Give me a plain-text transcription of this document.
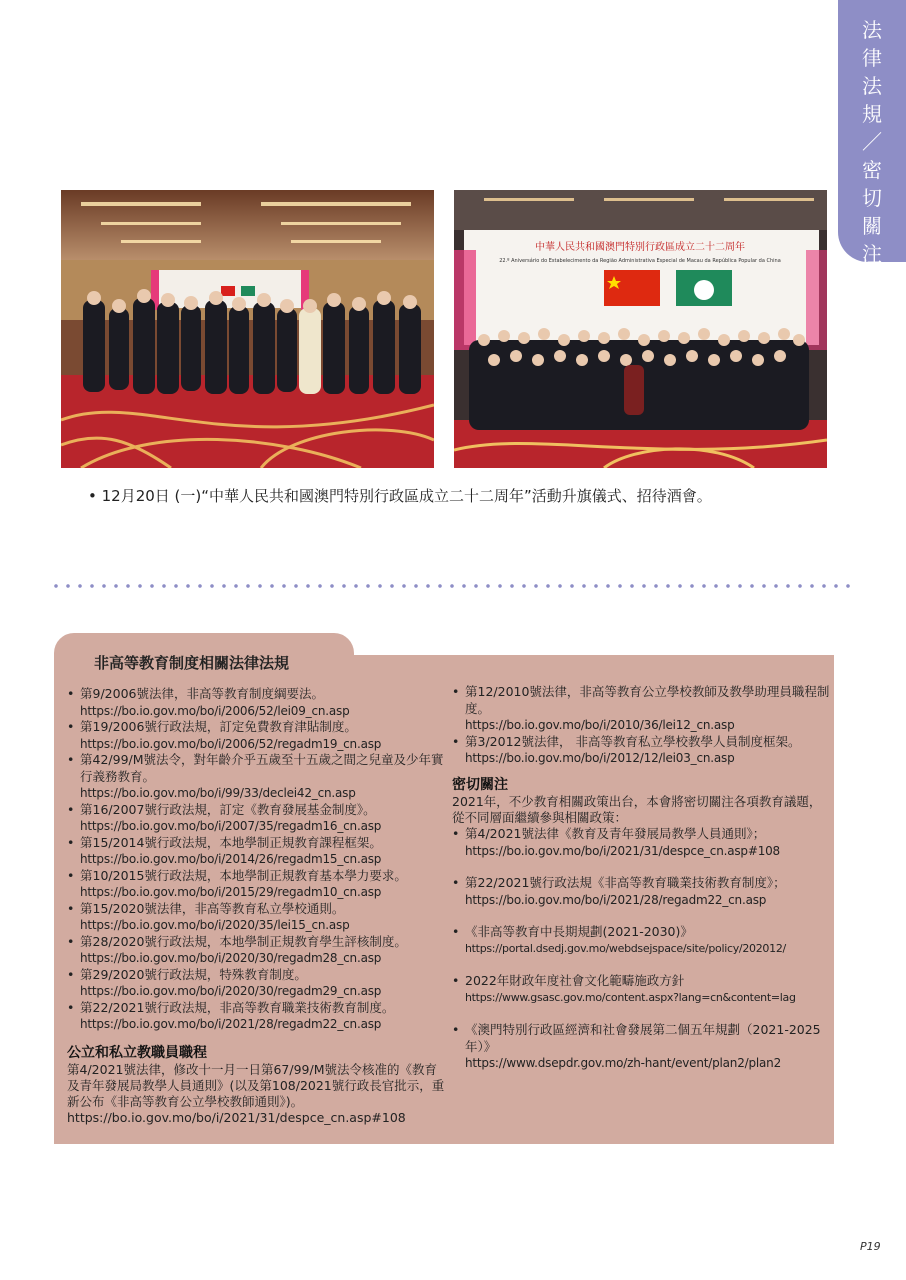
法
律
法
規
／
密
切
關
注
中華人民共和國澳門特別行政區成立二十二周年
22.º Aniversário do Estabelecimento da Região Administrativa Especial de Macau da República Popular da China
• 12月20日 (一)“中華人民共和國澳門特別行政區成立二十二周年”活動升旗儀式、招待酒會。
非高等教育制度相關法律法規
• 第9/2006號法律，非高等教育制度綱要法。
https://bo.io.gov.mo/bo/i/2006/52/lei09_cn.asp
• 第19/2006號行政法規，訂定免費教育津貼制度。
https://bo.io.gov.mo/bo/i/2006/52/regadm19_cn.asp
• 第42/99/M號法令，對年齡介乎五歲至十五歲之間之兒童及少年實行義務教育。
https://bo.io.gov.mo/bo/i/99/33/declei42_cn.asp
• 第16/2007號行政法規，訂定《教育發展基金制度》。
https://bo.io.gov.mo/bo/i/2007/35/regadm16_cn.asp
• 第15/2014號行政法規，本地學制正規教育課程框架。
https://bo.io.gov.mo/bo/i/2014/26/regadm15_cn.asp
• 第10/2015號行政法規，本地學制正規教育基本學力要求。
https://bo.io.gov.mo/bo/i/2015/29/regadm10_cn.asp
• 第15/2020號法律，非高等教育私立學校通則。
https://bo.io.gov.mo/bo/i/2020/35/lei15_cn.asp
• 第28/2020號行政法規，本地學制正規教育學生評核制度。
https://bo.io.gov.mo/bo/i/2020/30/regadm28_cn.asp
• 第29/2020號行政法規，特殊教育制度。
https://bo.io.gov.mo/bo/i/2020/30/regadm29_cn.asp
• 第22/2021號行政法規，非高等教育職業技術教育制度。
https://bo.io.gov.mo/bo/i/2021/28/regadm22_cn.asp
公立和私立教職員職程
第4/2021號法律，修改十一月一日第67/99/M號法令核准的《教育及青年發展局教學人員通則》(以及第108/2021號行政長官批示，重新公布《非高等教育公立學校教師通則》)。
https://bo.io.gov.mo/bo/i/2021/31/despce_cn.asp#108
• 第12/2010號法律，非高等教育公立學校教師及教學助理員職程制度。
https://bo.io.gov.mo/bo/i/2010/36/lei12_cn.asp
• 第3/2012號法律， 非高等教育私立學校教學人員制度框架。
https://bo.io.gov.mo/bo/i/2012/12/lei03_cn.asp
密切關注
2021年，不少教育相關政策出台，本會將密切關注各項教育議題，從不同層面繼續參與相關政策：
• 第4/2021號法律《教育及青年發展局教學人員通則》；
https://bo.io.gov.mo/bo/i/2021/31/despce_cn.asp#108
• 第22/2021號行政法規《非高等教育職業技術教育制度》；
https://bo.io.gov.mo/bo/i/2021/28/regadm22_cn.asp
• 《非高等教育中長期規劃(2021-2030)》
https://portal.dsedj.gov.mo/webdsejspace/site/policy/202012/
• 2022年財政年度社會文化範疇施政方針
https://www.gsasc.gov.mo/content.aspx?lang=cn&content=lag
• 《澳門特別行政區經濟和社會發展第二個五年規劃（2021-2025年）》
https://www.dsepdr.gov.mo/zh-hant/event/plan2/plan2
P19
